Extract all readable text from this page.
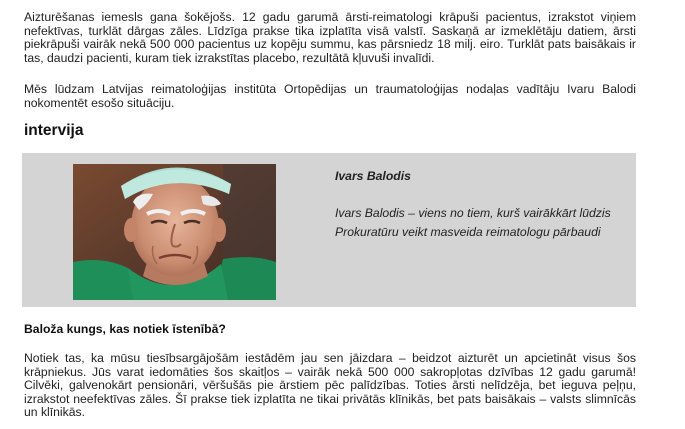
Aizturēšanas iemesls gana šokējošs. 12 gadu garumā ārsti-reimatologi krāpuši pacientus, izrakstot viņiem nefektīvas, turklāt dārgas zāles. Līdzīga prakse tika izplatīta visā valstī. Saskaņā ar izmeklētāju datiem, ārsti piekrāpuši vairāk nekā 500 000 pacientus uz kopēju summu, kas pārsniedz 18 milj. eiro. Turklāt pats baisākais ir tas, daudzi pacienti, kuram tiek izrakstītas placebo, rezultātā kļuvuši invalīdi.

Mēs lūdzam Latvijas reimatoloģijas institūta Ortopēdijas un traumatoloģijas nodaļas vadītāju Ivaru Balodi nokomentēt esošo situāciju.

intervija

Ivars Balodis

Ivars Balodis – viens no tiem, kurš vairākkārt lūdzis Prokuratūru veikt masveida reimatologu pārbaudi

Baloža kungs, kas notiek īstenībā?

Notiek tas, ka mūsu tiesībsargājošām iestādēm jau sen jāizdara – beidzot aizturēt un apcietināt visus šos krāpniekus. Jūs varat iedomāties šos skaitļos – vairāk nekā 500 000 sakropļotas dzīvības 12 gadu garumā! Cilvēki, galvenokārt pensionāri, vēršušās pie ārstiem pēc palīdzības. Toties ārsti nelīdzēja, bet ieguva peļņu, izrakstot neefektīvas zāles. Šī prakse tiek izplatīta ne tikai privātās klīnikās, bet pats baisākais – valsts slimnīcās un klīnikās.
